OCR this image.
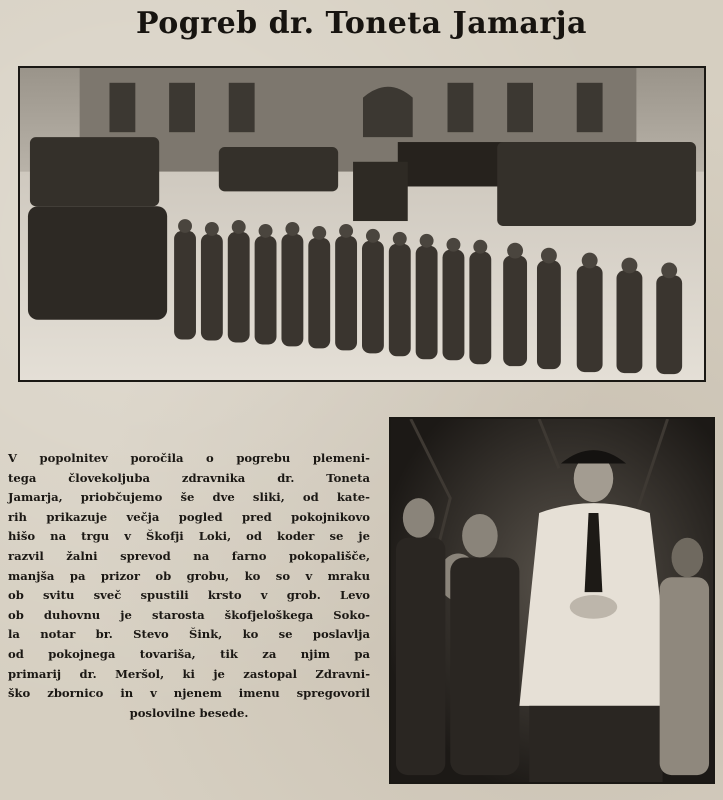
Pogreb dr. Toneta Jamarja
V popolnitev poročila o pogrebu plemeni-
tega človekoljuba zdravnika dr. Toneta
Jamarja, priobčujemo še dve sliki, od kate-
rih prikazuje večja pogled pred pokojnikovo
hišo na trgu v Škofji Loki, od koder se je
razvil žalni sprevod na farno pokopališče,
manjša pa prizor ob grobu, ko so v mraku
ob svitu sveč spustili krsto v grob. Levo
ob duhovnu je starosta škofjeloškega Soko-
la notar br. Stevo Šink, ko se poslavlja
od pokojnega tovariša, tik za njim pa
primarij dr. Meršol, ki je zastopal Zdravni-
ško zbornico in v njenem imenu spregovoril
poslovilne besede.
